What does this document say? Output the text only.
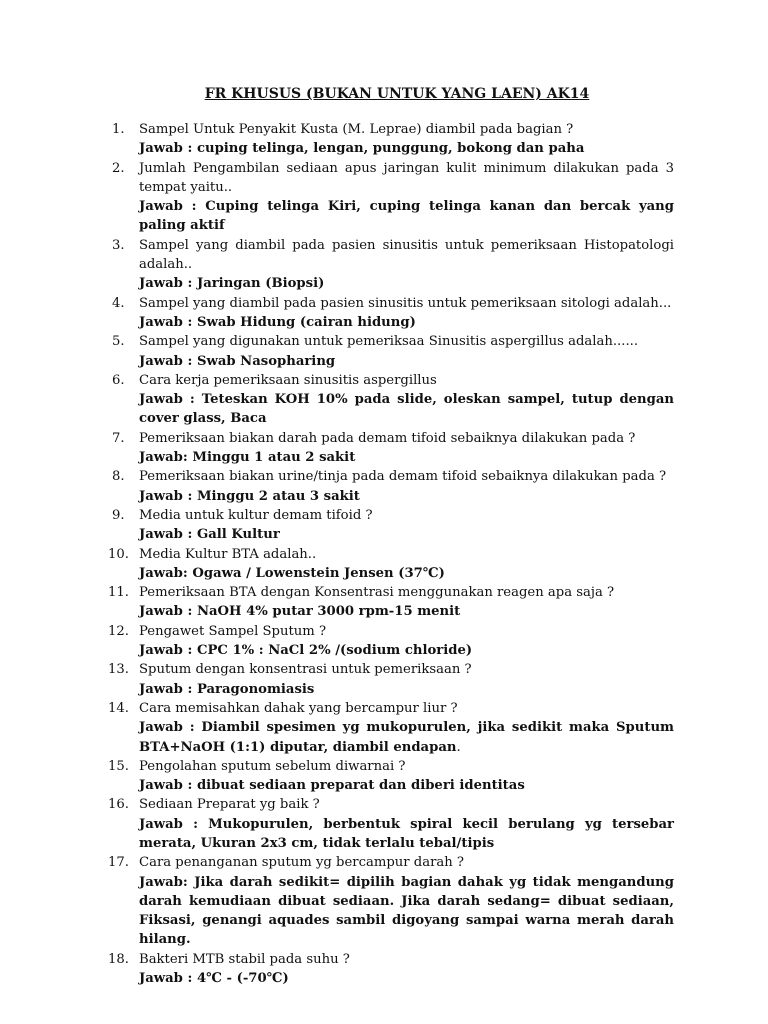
FR KHUSUS (BUKAN UNTUK YANG LAEN) AK14
1.	Sampel Untuk Penyakit Kusta (M. Leprae) diambil pada bagian ?
Jawab : cuping telinga, lengan, punggung, bokong dan paha
2.	Jumlah Pengambilan sediaan apus jaringan kulit minimum dilakukan pada 3 tempat yaitu..
Jawab : Cuping telinga Kiri, cuping telinga kanan dan bercak yang paling aktif
3.	Sampel yang diambil pada pasien sinusitis untuk pemeriksaan Histopatologi adalah..
Jawab : Jaringan (Biopsi)
4.	Sampel yang diambil pada pasien sinusitis untuk pemeriksaan sitologi adalah...
Jawab : Swab Hidung (cairan hidung)
5.	Sampel yang digunakan untuk pemeriksaa Sinusitis aspergillus adalah......
Jawab : Swab Nasopharing
6.	Cara kerja pemeriksaan sinusitis aspergillus
Jawab : Teteskan KOH 10% pada slide, oleskan sampel, tutup dengan cover glass, Baca
7.	Pemeriksaan biakan darah pada demam tifoid sebaiknya dilakukan pada ?
Jawab: Minggu 1 atau 2 sakit
8.	Pemeriksaan biakan urine/tinja pada demam tifoid sebaiknya dilakukan pada ?
Jawab : Minggu 2 atau 3 sakit
9.	Media untuk kultur demam tifoid ?
Jawab : Gall Kultur
10. Media Kultur BTA adalah..
Jawab: Ogawa / Lowenstein Jensen (37℃)
11. Pemeriksaan BTA dengan Konsentrasi menggunakan reagen apa saja ?
Jawab : NaOH 4% putar 3000 rpm-15 menit
12. Pengawet Sampel Sputum ?
Jawab : CPC 1% : NaCl 2% /(sodium chloride)
13. Sputum dengan konsentrasi untuk pemeriksaan ?
Jawab : Paragonomiasis
14. Cara memisahkan dahak yang bercampur liur ?
Jawab : Diambil spesimen yg mukopurulen, jika sedikit maka Sputum BTA+NaOH (1:1) diputar, diambil endapan.
15. Pengolahan sputum sebelum diwarnai ?
Jawab : dibuat sediaan preparat dan diberi identitas
16. Sediaan Preparat yg baik ?
Jawab : Mukopurulen, berbentuk spiral kecil berulang yg tersebar merata, Ukuran 2x3 cm, tidak terlalu tebal/tipis
17. Cara penanganan sputum yg bercampur darah ?
Jawab: Jika darah sedikit= dipilih bagian dahak yg tidak mengandung darah kemudiaan dibuat sediaan. Jika darah sedang= dibuat sediaan, Fiksasi, genangi aquades sambil digoyang sampai warna merah darah hilang.
18. Bakteri MTB stabil pada suhu ?
Jawab : 4℃ - (-70℃)
